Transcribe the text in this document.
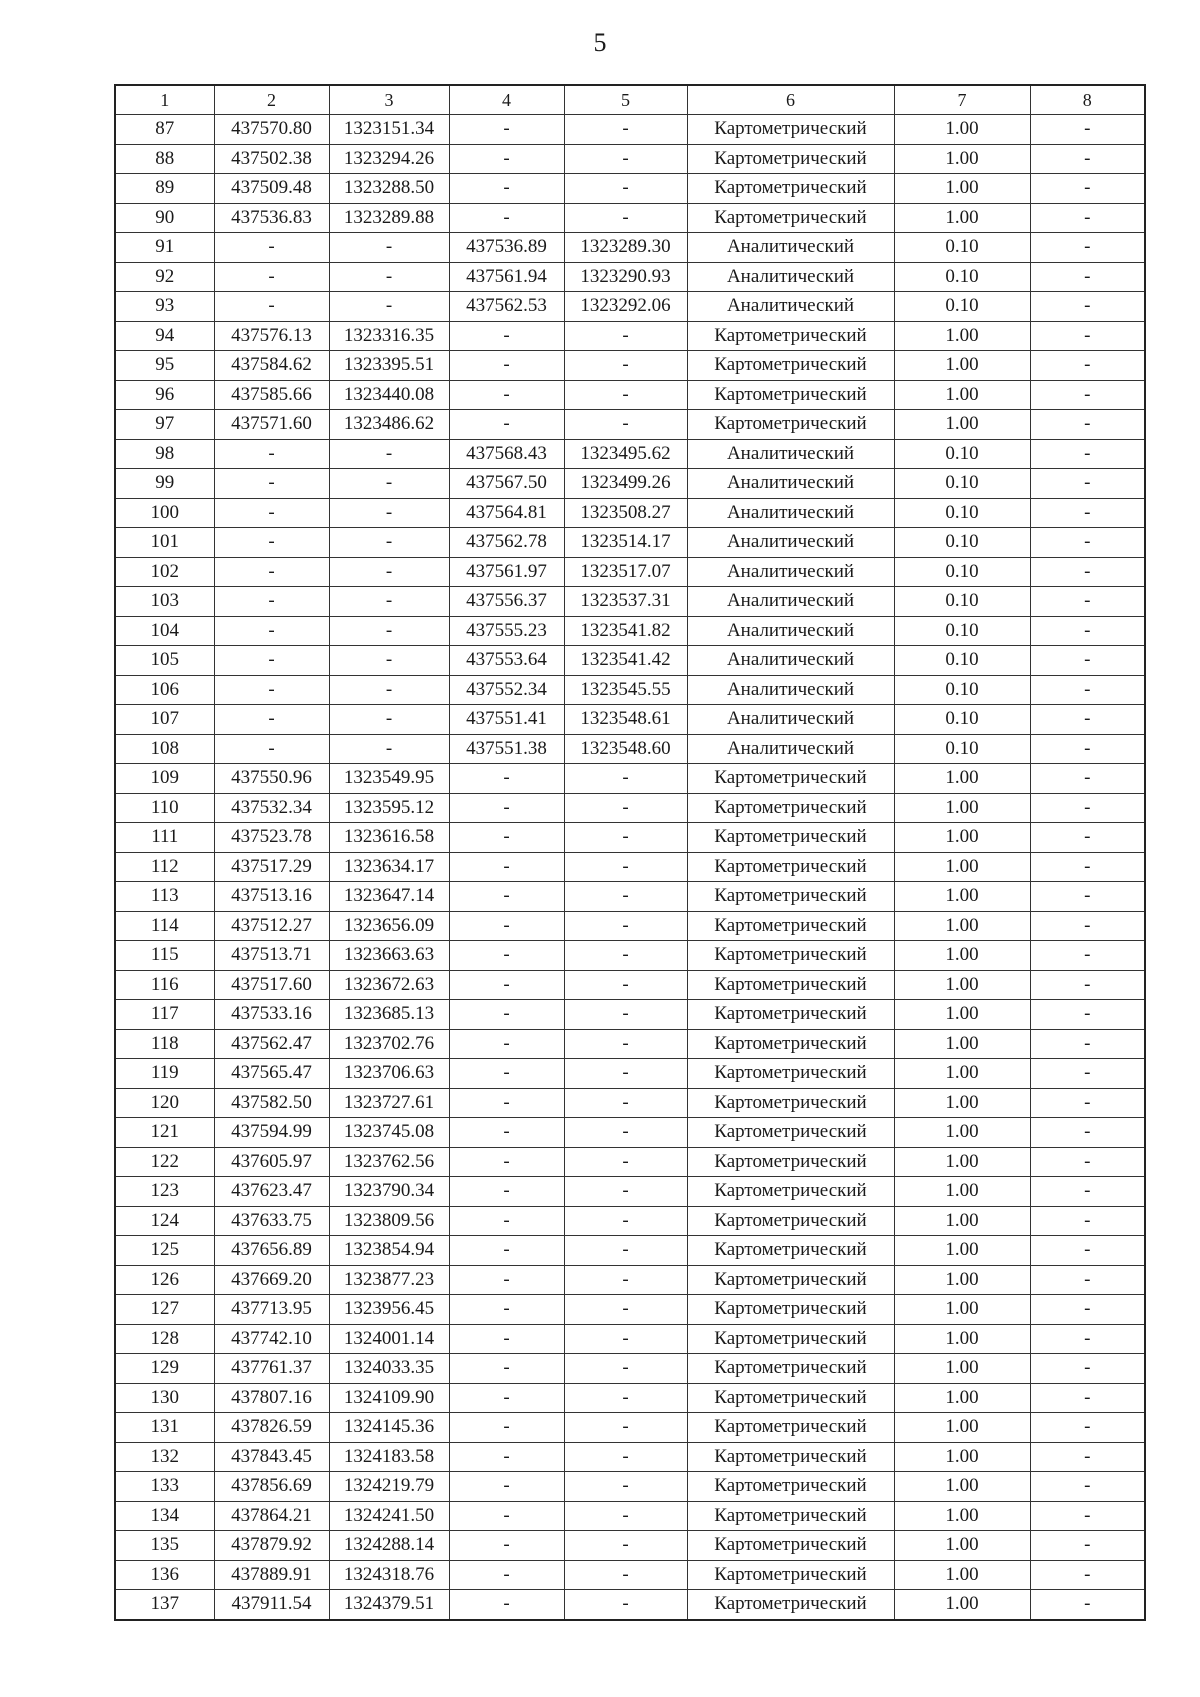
5
1	2	3	4	5	6	7	8
87	437570.80	1323151.34	-	-	Картометрический	1.00	-
88	437502.38	1323294.26	-	-	Картометрический	1.00	-
89	437509.48	1323288.50	-	-	Картометрический	1.00	-
90	437536.83	1323289.88	-	-	Картометрический	1.00	-
91	-	-	437536.89	1323289.30	Аналитический	0.10	-
92	-	-	437561.94	1323290.93	Аналитический	0.10	-
93	-	-	437562.53	1323292.06	Аналитический	0.10	-
94	437576.13	1323316.35	-	-	Картометрический	1.00	-
95	437584.62	1323395.51	-	-	Картометрический	1.00	-
96	437585.66	1323440.08	-	-	Картометрический	1.00	-
97	437571.60	1323486.62	-	-	Картометрический	1.00	-
98	-	-	437568.43	1323495.62	Аналитический	0.10	-
99	-	-	437567.50	1323499.26	Аналитический	0.10	-
100	-	-	437564.81	1323508.27	Аналитический	0.10	-
101	-	-	437562.78	1323514.17	Аналитический	0.10	-
102	-	-	437561.97	1323517.07	Аналитический	0.10	-
103	-	-	437556.37	1323537.31	Аналитический	0.10	-
104	-	-	437555.23	1323541.82	Аналитический	0.10	-
105	-	-	437553.64	1323541.42	Аналитический	0.10	-
106	-	-	437552.34	1323545.55	Аналитический	0.10	-
107	-	-	437551.41	1323548.61	Аналитический	0.10	-
108	-	-	437551.38	1323548.60	Аналитический	0.10	-
109	437550.96	1323549.95	-	-	Картометрический	1.00	-
110	437532.34	1323595.12	-	-	Картометрический	1.00	-
111	437523.78	1323616.58	-	-	Картометрический	1.00	-
112	437517.29	1323634.17	-	-	Картометрический	1.00	-
113	437513.16	1323647.14	-	-	Картометрический	1.00	-
114	437512.27	1323656.09	-	-	Картометрический	1.00	-
115	437513.71	1323663.63	-	-	Картометрический	1.00	-
116	437517.60	1323672.63	-	-	Картометрический	1.00	-
117	437533.16	1323685.13	-	-	Картометрический	1.00	-
118	437562.47	1323702.76	-	-	Картометрический	1.00	-
119	437565.47	1323706.63	-	-	Картометрический	1.00	-
120	437582.50	1323727.61	-	-	Картометрический	1.00	-
121	437594.99	1323745.08	-	-	Картометрический	1.00	-
122	437605.97	1323762.56	-	-	Картометрический	1.00	-
123	437623.47	1323790.34	-	-	Картометрический	1.00	-
124	437633.75	1323809.56	-	-	Картометрический	1.00	-
125	437656.89	1323854.94	-	-	Картометрический	1.00	-
126	437669.20	1323877.23	-	-	Картометрический	1.00	-
127	437713.95	1323956.45	-	-	Картометрический	1.00	-
128	437742.10	1324001.14	-	-	Картометрический	1.00	-
129	437761.37	1324033.35	-	-	Картометрический	1.00	-
130	437807.16	1324109.90	-	-	Картометрический	1.00	-
131	437826.59	1324145.36	-	-	Картометрический	1.00	-
132	437843.45	1324183.58	-	-	Картометрический	1.00	-
133	437856.69	1324219.79	-	-	Картометрический	1.00	-
134	437864.21	1324241.50	-	-	Картометрический	1.00	-
135	437879.92	1324288.14	-	-	Картометрический	1.00	-
136	437889.91	1324318.76	-	-	Картометрический	1.00	-
137	437911.54	1324379.51	-	-	Картометрический	1.00	-
